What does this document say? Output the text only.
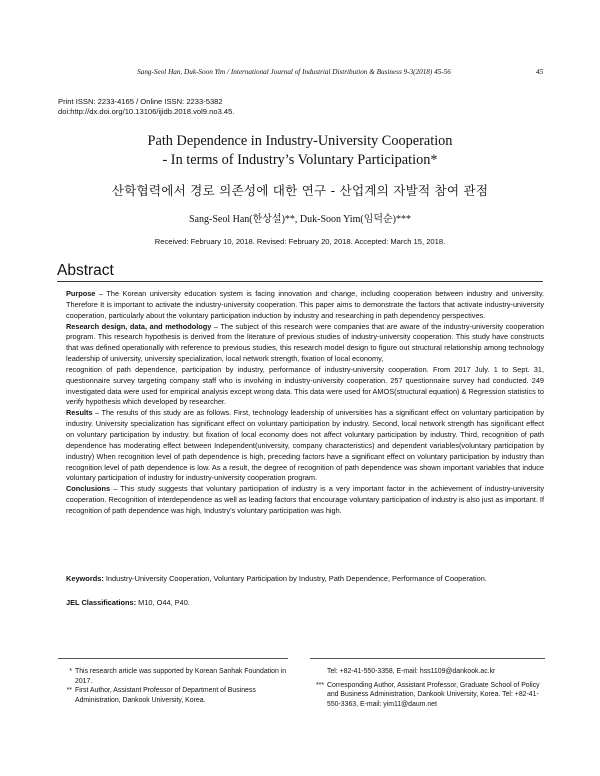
Sang-Seol Han, Duk-Soon Yim / International Journal of Industrial Distribution & Business 9-3(2018) 45-56	45
Print ISSN: 2233-4165 / Online ISSN: 2233-5382
doi:http://dx.doi.org/10.13106/ijidb.2018.vol9.no3.45.
Path Dependence in Industry-University Cooperation
- In terms of Industry’s Voluntary Participation*
산학협력에서 경로 의존성에 대한 연구 - 산업계의 자발적 참여 관점
Sang-Seol Han(한상설)**, Duk-Soon Yim(임덕순)***
Received: February 10, 2018. Revised: February 20, 2018. Accepted: March 15, 2018.
Abstract

Purpose – The Korean university education system is facing innovation and change, including cooperation between industry and university. Therefore It is important to activate the industry-university cooperation. This paper aims to demonstrate the factors that activate industry-university cooperation, particularly about the voluntary participation induction by industry and researching in path dependency perspectives.

Research design, data, and methodology – The subject of this research were companies that are aware of the industry-university cooperation program. This research hypothesis is derived from the literature of previous studies of industry-university cooperation. This study have constructs that was defined operationally with reference to previous studies, this research model design to figure out structural relationship among technology leadership of university, university specialization, local network strength, fixation of local economy,

recognition of path dependence, participation by industry, performance of industry-university cooperation. From 2017 July. 1 to Sept. 31, questionnaire survey targeting company staff who is involving in industry-university cooperation. 257 questionnaire survey had conducted. 249 investigated data were used for empirical analysis except wrong data. This data were used for AMOS(structural equation) & Regression statistics to verify hypothesis which developed by researcher.

Results – The results of this study are as follows. First, technology leadership of universities has a significant effect on voluntary participation by industry. University specialization has significant effect on voluntary participation by industry. Second, local network strength has significant effect on voluntary participation by industry. but fixation of local economy does not affect voluntary participation by industry. Third, recognition of path dependence has moderating effect between Independent(university, company characteristics) and dependent variables(voluntary participation by industry) When recognition level of path dependence is high, preceding factors have a significant effect on voluntary participation by industry than recognition level of path dependence is low. As a result, the degree of recognition of path dependence was shown important variables that induce voluntary participation of industry for industry-university cooperation program.

Conclusions – This study suggests that voluntary participation of industry is a very important factor in the achievement of industry-university cooperation. Recognition of interdependence as well as leading factors that encourage voluntary participation of industry is also just as important. If recognition of path dependence was high, Industry's voluntary participation was high.

Keywords: Industry-University Cooperation, Voluntary Participation by Industry, Path Dependence, Performance of Cooperation.
JEL Classifications: M10, O44, P40.
* This research article was supported by Korean Sanhak Foundation in 2017.
** First Author, Assistant Professor of Department of Business Administration, Dankook University, Korea.
Tel: +82-41-550-3358, E-mail: hss1109@dankook.ac.kr
*** Corresponding Author, Assistant Professor, Graduate School of Policy and Business Administration, Dankook University, Korea. Tel: +82-41-550-3363, E-mail: yim11@daum.net
